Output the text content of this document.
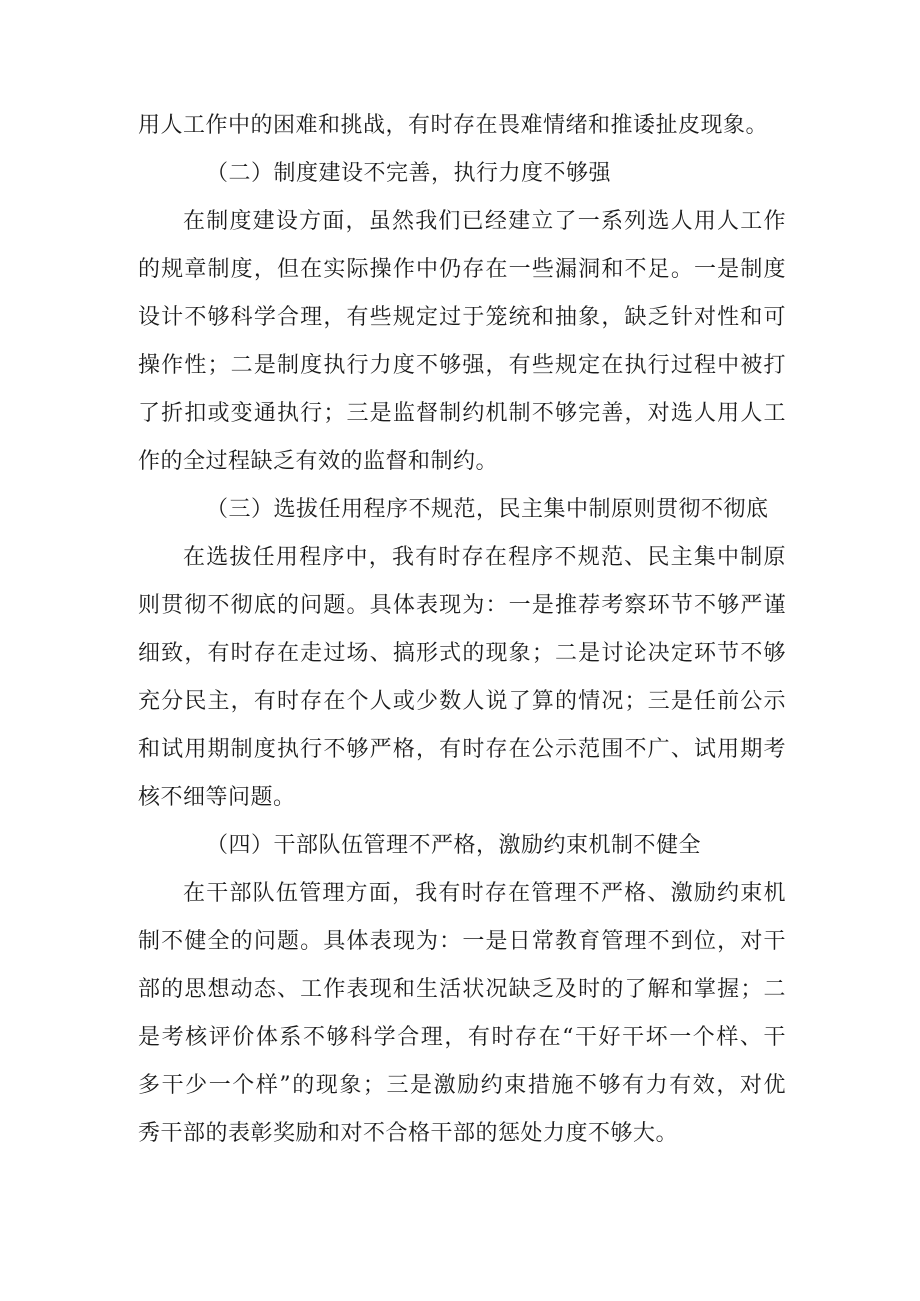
用人工作中的困难和挑战，有时存在畏难情绪和推诿扯皮现象。
（二）制度建设不完善，执行力度不够强
在制度建设方面，虽然我们已经建立了一系列选人用人工作
的规章制度，但在实际操作中仍存在一些漏洞和不足。一是制度
设计不够科学合理，有些规定过于笼统和抽象，缺乏针对性和可
操作性；二是制度执行力度不够强，有些规定在执行过程中被打
了折扣或变通执行；三是监督制约机制不够完善，对选人用人工
作的全过程缺乏有效的监督和制约。
（三）选拔任用程序不规范，民主集中制原则贯彻不彻底
在选拔任用程序中，我有时存在程序不规范、民主集中制原
则贯彻不彻底的问题。具体表现为：一是推荐考察环节不够严谨
细致，有时存在走过场、搞形式的现象；二是讨论决定环节不够
充分民主，有时存在个人或少数人说了算的情况；三是任前公示
和试用期制度执行不够严格，有时存在公示范围不广、试用期考
核不细等问题。
（四）干部队伍管理不严格，激励约束机制不健全
在干部队伍管理方面，我有时存在管理不严格、激励约束机
制不健全的问题。具体表现为：一是日常教育管理不到位，对干
部的思想动态、工作表现和生活状况缺乏及时的了解和掌握；二
是考核评价体系不够科学合理，有时存在“干好干坏一个样、干
多干少一个样”的现象；三是激励约束措施不够有力有效，对优
秀干部的表彰奖励和对不合格干部的惩处力度不够大。
